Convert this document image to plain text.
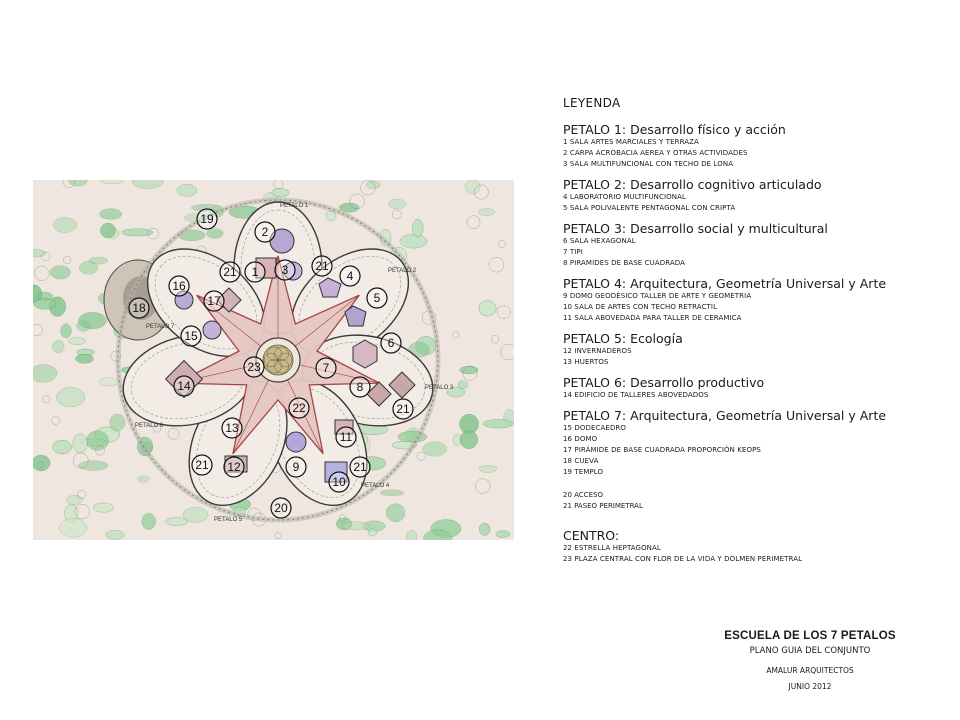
PETALO 1
PETALO 2
PETALO 3
PETALO 4
PETALO 5
PETALO 6
PETALO 7
1
2
3	4
5
6
7
8
9
10
11
12
13
14
15
16
17
18
19
20
21	21
21
21
21
22
23
LEYENDA
PETALO 1: Desarrollo físico y acción
1 SALA ARTES MARCIALES Y TERRAZA
2 CARPA ACROBACIA AEREA Y OTRAS ACTIVIDADES
3 SALA MULTIFUNCIONAL CON TECHO DE LONA
PETALO 2: Desarrollo cognitivo articulado
4 LABORATORIO MULTIFUNCIONAL
5 SALA POLIVALENTE PENTAGONAL CON CRIPTA
PETALO 3: Desarrollo social y multicultural
6 SALA HEXAGONAL
7 TIPI
8 PIRAMIDES DE BASE CUADRADA
PETALO 4: Arquitectura, Geometría Universal y Arte
9 DOMO GEODÉSICO TALLER DE ARTE Y GEOMETRIA
10 SALA DE ARTES CON TECHO RETRACTIL
11 SALA ABOVEDADA PARA TALLER DE CERAMICA
PETALO 5: Ecología
12 INVERNADEROS
13 HUERTOS
PETALO 6: Desarrollo productivo
14 EDIFICIO DE TALLERES ABOVEDADOS
PETALO 7: Arquitectura, Geometría Universal y Arte
15 DODECAEDRO
16 DOMO
17 PIRÁMIDE DE BASE CUADRADA PROPORCIÓN KEOPS
18 CUEVA
19 TEMPLO
20 ACCESO
21 PASEO PERIMETRAL
CENTRO:
22 ESTRELLA HEPTAGONAL
23 PLAZA CENTRAL CON FLOR DE LA VIDA Y DOLMEN PERIMETRAL
ESCUELA DE LOS 7 PETALOS
PLANO GUIA DEL CONJUNTO
AMALUR ARQUITECTOS
JUNIO 2012
